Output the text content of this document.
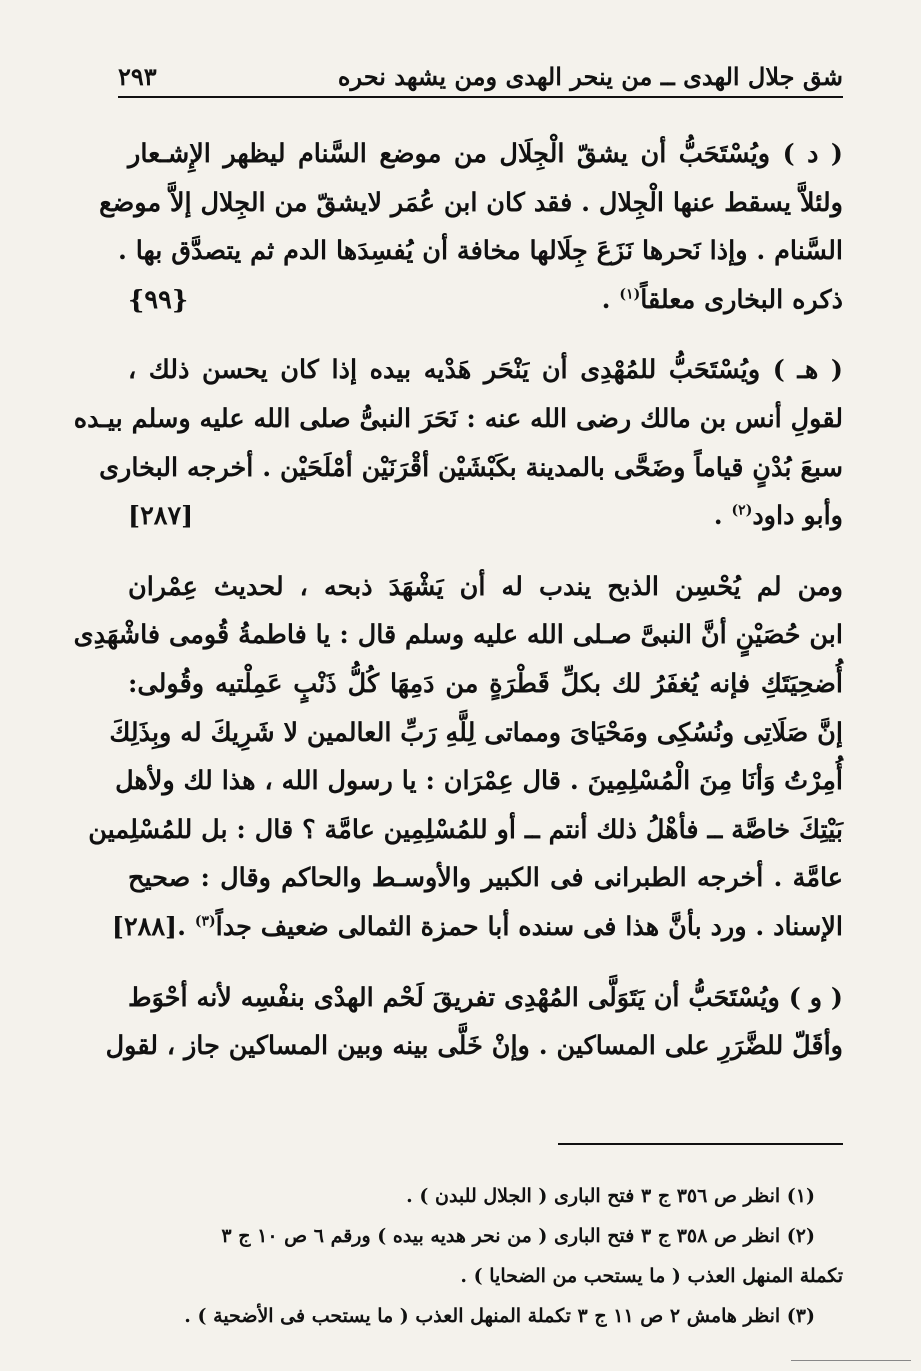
شق جلال الهدى ــ من ينحر الهدى ومن يشهد نحره
٢٩٣

( د ) ويُسْتَحَبُّ أن يشقّ الْجِلَال من موضع السَّنام ليظهر الإِشـعار
ولئلاَّ يسقط عنها الْجِلال . فقد كان ابن عُمَر لايشقّ من الجِلال إلاَّ موضع
السَّنام . وإذا نَحرها نَزَعَ جِلَالها مخافة أن يُفسِدَها الدم ثم يتصدَّق بها .
ذكره البخارى معلقاً$^{(١)}$ .
{٩٩}

( هـ ) ويُسْتَحَبُّ للمُهْدِى أن يَنْحَر هَدْيه بيده إذا كان يحسن ذلك ،
لقولِ أنس بن مالك رضى الله عنه : نَحَرَ النبىُّ صلى الله عليه وسلم بيـده
سبعَ بُدْنٍ قياماً وضَحَّى بالمدينة بكَبْشَيْن أقْرَنَيْن أمْلَحَيْن . أخرجه البخارى
وأبو داود$^{(٢)}$ .
[٢٨٧]

ومن لم يُحْسِن الذبح يندب له أن يَشْهَدَ ذبحه ، لحديث عِمْران
ابن حُصَيْنٍ أنَّ النبىَّ صـلى الله عليه وسلم قال : يا فاطمةُ قُومى فاشْهَدِى
أُضحِيَتَكِ فإنه يُغفَرُ لك بكلِّ قَطْرَةٍ من دَمِهَا كُلُّ ذَنْبٍ عَمِلْتيه وقُولى:
إنَّ صَلَاتِى ونُسُكِى ومَحْيَاىَ ومماتى لِلَّهِ رَبِّ العالمين لا شَرِيكَ له وبِذَلِكَ
أُمِرْتُ وَأنَا مِنَ الْمُسْلِمِينَ . قال عِمْرَان : يا رسول الله ، هذا لك ولأهل
بَيْتِكَ خاصَّة ــ فأهْلُ ذلك أنتم ــ أو للمُسْلِمِين عامَّة ؟ قال : بل للمُسْلِمين
عامَّة . أخرجه الطبرانى فى الكبير والأوسـط والحاكم وقال : صحيح
الإسناد . ورد بأنَّ هذا فى سنده أبا حمزة الثمالى ضعيف جداً$^{(٣)}$ .
[٢٨٨]

( و ) ويُسْتَحَبُّ أن يَتَوَلَّى المُهْدِى تفريقَ لَحْم الهدْى بنفْسِه لأنه أحْوَط
وأقَلّ للضَّرَرِ على المساكين . وإنْ خَلَّى بينه وبين المساكين جاز ، لقول

(١) انظر ص ٣٥٦ ج ٣ فتح البارى ( الجلال للبدن ) .

(٢) انظر ص ٣٥٨ ج ٣ فتح البارى ( من نحر هديه بيده ) ورقم ٦ ص ١٠ ج ٣

تكملة المنهل العذب ( ما يستحب من الضحايا ) .

(٣) انظر هامش ٢ ص ١١ ج ٣ تكملة المنهل العذب ( ما يستحب فى الأضحية ) .
